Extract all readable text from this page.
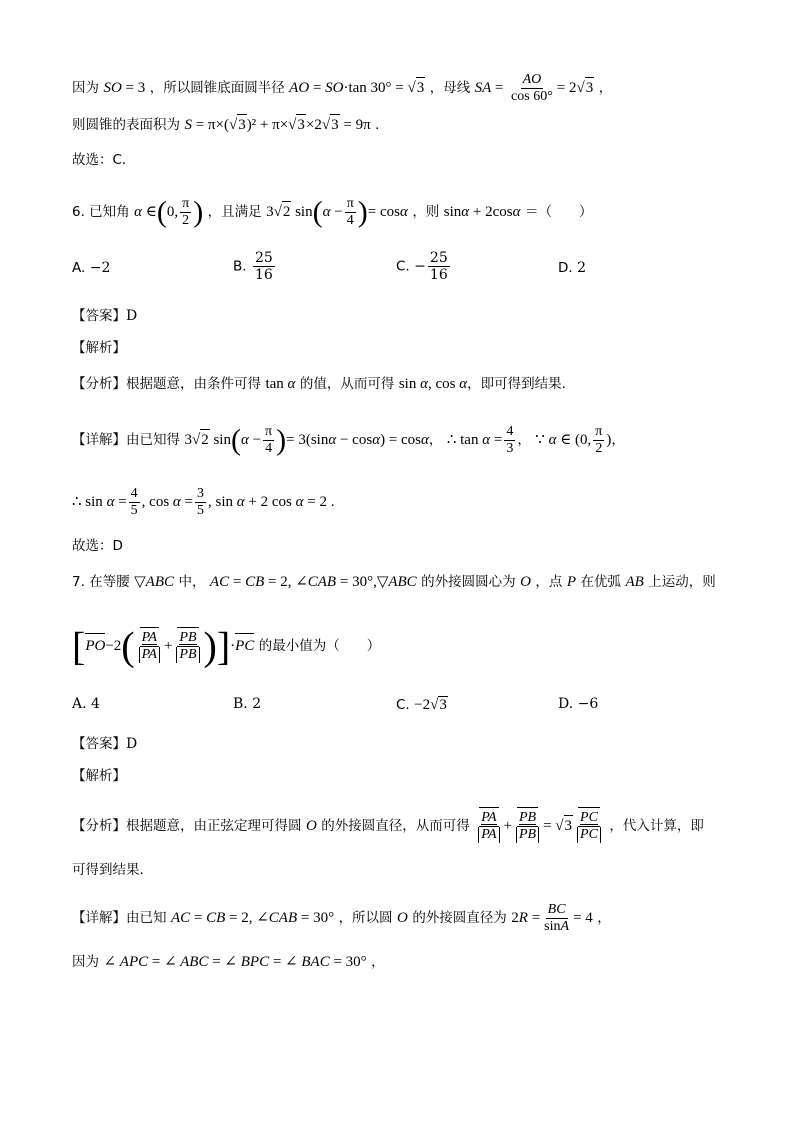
因为 SO = 3 ，所以圆锥底面圆半径 AO = SO·tan 30° = √3 ，母线 SA = $\frac{AO}{\cos 60^\circ} = 2√3$ ，
则圆锥的表面积为 S = π×(√3)² + π×√3×2√3 = 9π ．
故选：C．
6. 已知角 α ∈(0, $\frac{\pi}{2}$ ) ，且满足 3√2 $\sin(\alpha - \frac{\pi}{4}$ )= cosα ，则 sinα + 2cosα ＝（　　）
A. −2	B. $\frac{25}{16}$	C. − $\frac{25}{16}$	D. 2
【答案】D
【解析】
【分析】根据题意，由条件可得 tan α 的值，从而可得 sin α, cos α，即可得到结果.
【详解】由已知得 3√2 $\sin(\alpha - \frac{\pi}{4}$ )= 3(sinα − cosα) = cosα， ∴ $\tan \alpha = \frac{4}{3}$ ， ∵ α ∈ (0, $\frac{\pi}{2}$ )，
∴ $\sin \alpha = \frac{4}{5}$ , $\cos \alpha = \frac{3}{5}$ , sin α + 2 cos α = 2 .
故选：D
7. 在等腰 ▽ABC 中， AC = CB = 2, ∠CAB = 30°,▽ABC 的外接圆圆心为 O ，点 P 在优弧 AB 上运动，则
$[PO-2( \frac{PA}{PA} + \frac{PB}{PB} )]\cdot PC$ 的最小值为（　　）
A. 4	B. 2	C. −2√3	D. −6
【答案】D
【解析】
【分析】根据题意，由正弦定理可得圆 O 的外接圆直径，从而可得 $\frac{PA}{PA} + \frac{PB}{PB} = √3 \frac{PC}{PC}$ ，代入计算，即
可得到结果.
【详解】由已知 AC = CB = 2, ∠CAB = 30° ，所以圆 O 的外接圆直径为 $2R = \frac{BC}{\sin A} = 4$ ，
因为 ∠ APC = ∠ ABC = ∠ BPC = ∠ BAC = 30° ，
